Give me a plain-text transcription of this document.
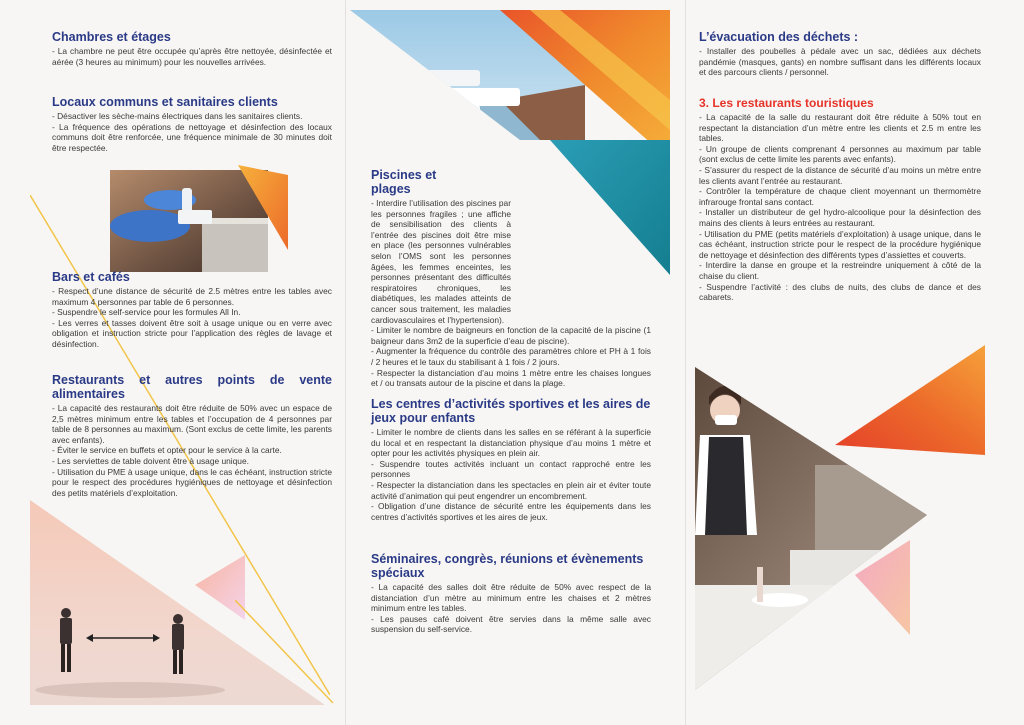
Chambres et étages
- La chambre ne peut être occupée qu’après être nettoyée, désinfectée et aérée (3 heures au minimum) pour les nouvelles arrivées.
Locaux communs et sanitaires clients
- Désactiver les sèche-mains électriques dans les sanitaires clients.
- La fréquence des opérations de nettoyage et désinfection des locaux communs doit être renforcée, une fréquence minimale de 30 minutes doit être respectée.
Bars et cafés
- Respect d’une distance de sécurité de 2.5 mètres entre les tables avec maximum 4 personnes par table de 6 personnes.
- Suspendre le self-service pour les formules All In.
- Les verres et tasses doivent être soit à usage unique ou en verre avec obligation et instruction stricte pour l’application des règles de lavage et désinfection.
Restaurants et autres points de vente alimentaires
- La capacité des restaurants doit être réduite de 50% avec un espace de 2,5 mètres minimum entre les tables et l’occupation de 4 personnes par table de 8 personnes au maximum. (Sont exclus de cette limite, les parents avec enfants).
- Éviter le service en buffets et opter pour le service à la carte.
- Les serviettes de table doivent être à usage unique.
- Utilisation du PME à usage unique, dans le cas échéant, instruction stricte pour le respect des procédures hygiéniques de nettoyage et désinfection des petits matériels d’exploitation.
Piscines et plages
- Interdire l’utilisation des piscines par les personnes fragiles ; une affiche de sensibilisation des clients à l’entrée des piscines doit être mise en place (les personnes vulnérables selon l’OMS sont les personnes âgées, les femmes enceintes, les personnes présentant des difficultés respiratoires chroniques, les diabétiques, les malades atteints de cancer sous traitement, les maladies cardiovasculaires et l’hypertension).
- Limiter le nombre de baigneurs en fonction de la capacité de la piscine (1 baigneur dans 3m2 de la superficie d’eau de piscine).
- Augmenter la fréquence du contrôle des paramètres chlore et PH à 1 fois / 2 heures et le taux du stabilisant à 1 fois / 2 jours.
- Respecter la distanciation d’au moins 1 mètre entre les chaises longues et / ou transats autour de la piscine et dans la plage.
Les centres d’activités sportives et les aires de jeux pour enfants
- Limiter le nombre de clients dans les salles en se référant à la superficie du local et en respectant la distanciation physique d’au moins 1 mètre et opter pour les activités physiques en plein air.
- Suspendre toutes activités incluant un contact rapproché entre les personnes
- Respecter la distanciation dans les spectacles en plein air et éviter toute activité d’animation qui peut engendrer un encombrement.
- Obligation d’une distance de sécurité entre les équipements dans les centres d’activités sportives et les aires de jeux.
Séminaires, congrès, réunions et évènements spéciaux
- La capacité des salles doit être réduite de 50% avec respect de la distanciation d’un mètre au minimum entre les chaises et 2 mètres minimum entre les tables.
- Les pauses café doivent être servies dans la même salle avec suspension du self-service.
L’évacuation des déchets :
- Installer des poubelles à pédale avec un sac, dédiées aux déchets pandémie (masques, gants) en nombre suffisant dans les différents locaux et des parcours clients / personnel.
3. Les restaurants touristiques
- La capacité de la salle du restaurant doit être réduite à 50% tout en respectant la distanciation d’un mètre entre les clients et 2.5 m entre les tables.
- Un groupe de clients comprenant 4 personnes au maximum par table (sont exclus de cette limite les parents avec enfants).
- S’assurer du respect de la distance de sécurité d’au moins un mètre entre les clients avant l’entrée au restaurant.
- Contrôler la température de chaque client moyennant un thermomètre infrarouge frontal sans contact.
- Installer un distributeur de gel hydro-alcoolique pour la désinfection des mains des clients à leurs entrées au restaurant.
- Utilisation du PME (petits matériels d’exploitation) à usage unique, dans le cas échéant, instruction stricte pour le respect de la procédure hygiénique de nettoyage et désinfection des différents types d’assiettes et couverts.
- Interdire la danse en groupe et la restreindre uniquement à côté de la chaise du client.
- Suspendre l’activité : des clubs de nuits, des clubs de dance et des cabarets.
